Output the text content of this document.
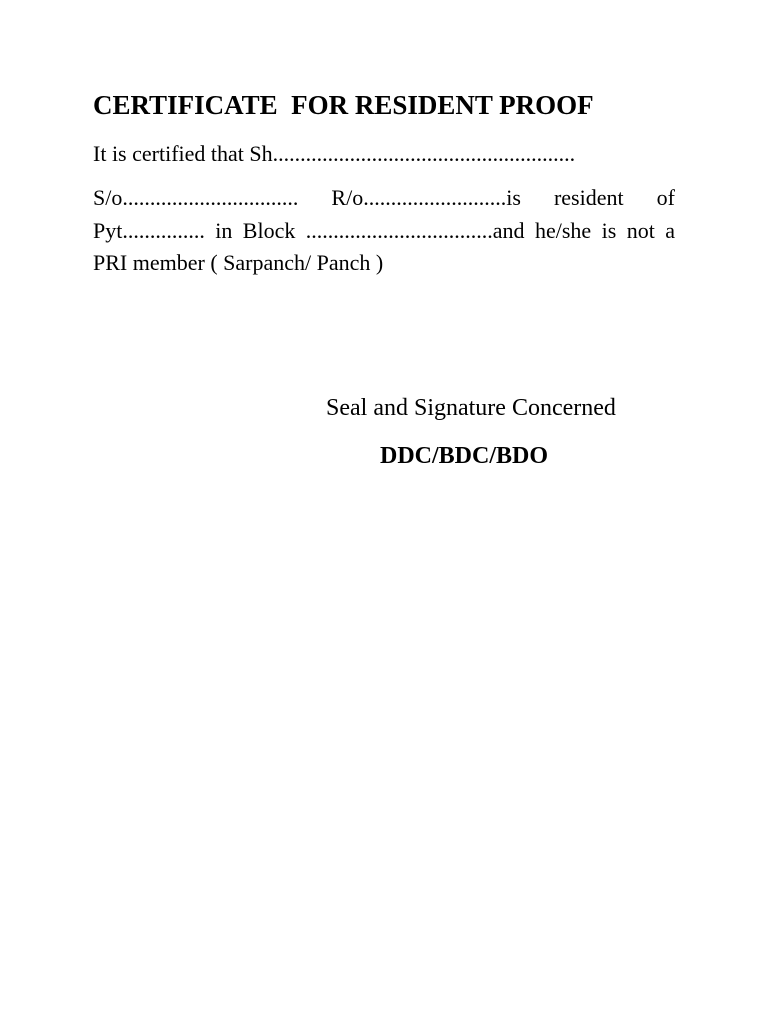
CERTIFICATE  FOR RESIDENT PROOF

It is certified that Sh.......................................................

S/o................................ R/o..........................is resident of Pyt............... in Block ..................................and he/she is not a PRI member ( Sarpanch/ Panch )

Seal and Signature Concerned

DDC/BDC/BDO
